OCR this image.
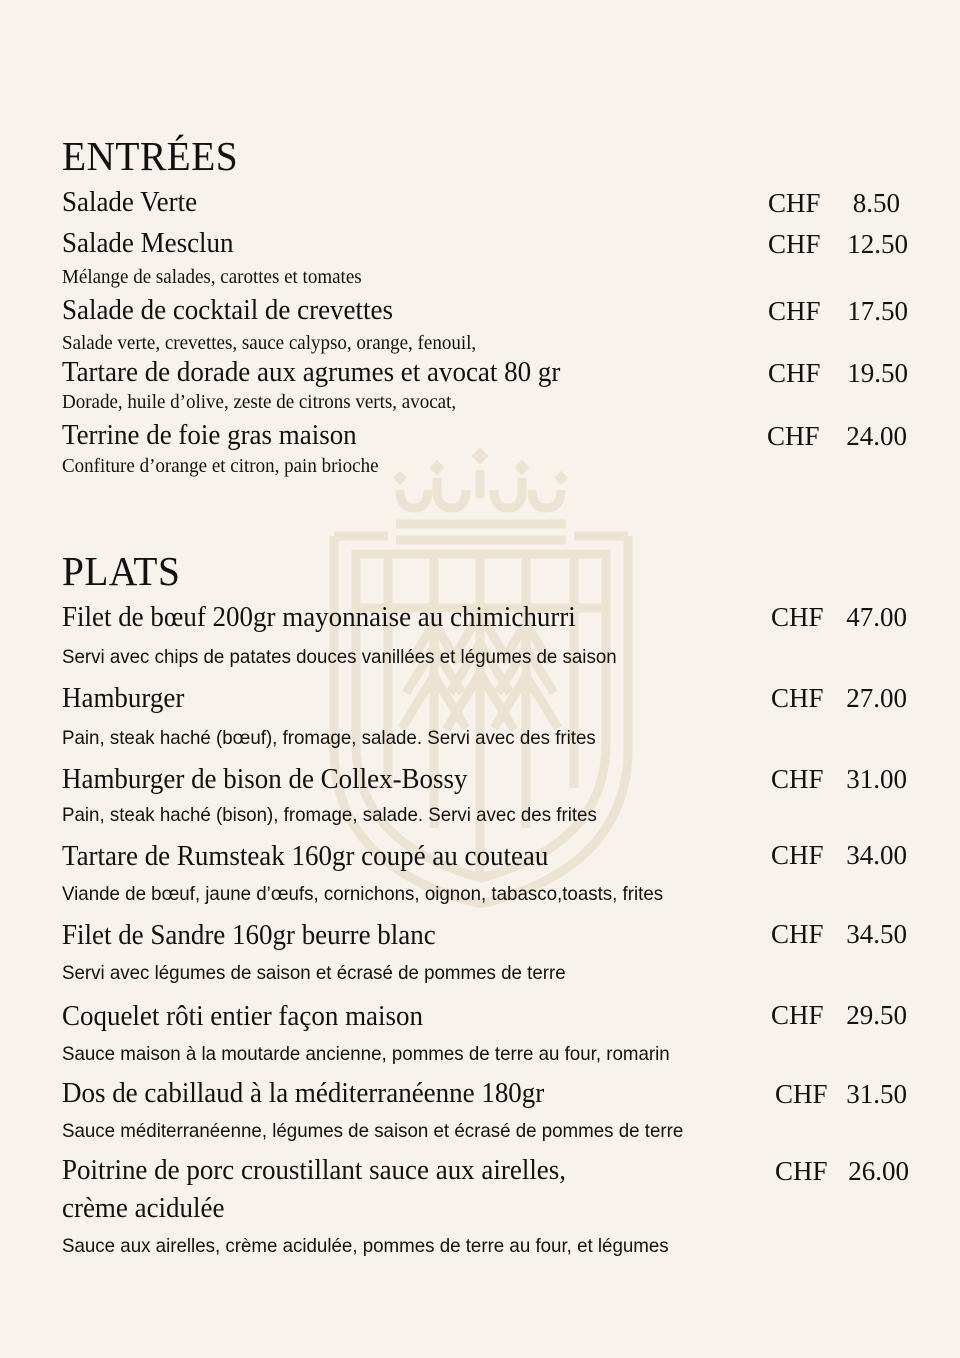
ENTRÉES
Salade Verte	CHF	8.50
Salade Mesclun
Mélange de salades, carottes et tomates
CHF 12.50
Salade de cocktail de crevettes
Salade verte, crevettes, sauce calypso, orange, fenouil,
CHF 17.50
Tartare de dorade aux agrumes et avocat 80 gr
Dorade, huile d’olive, zeste de citrons verts, avocat,
CHF 19.50
Terrine de foie gras maison
Confiture d’orange et citron, pain brioche
CHF 24.00
PLATS
Filet de bœuf 200gr mayonnaise au chimichurri
Servi avec chips de patates douces vanillées et légumes de saison
CHF 47.00
Hamburger
Pain, steak haché (bœuf), fromage, salade. Servi avec des frites
CHF 27.00
Hamburger de bison de Collex-Bossy
Pain, steak haché (bison), fromage, salade. Servi avec des frites
CHF 31.00
Tartare de Rumsteak 160gr coupé au couteau
Viande de bœuf, jaune d’œufs, cornichons, oignon, tabasco,toasts, frites
CHF 34.00
Filet de Sandre 160gr beurre blanc
Servi avec légumes de saison et écrasé de pommes de terre
CHF 34.50
Coquelet rôti entier façon maison
Sauce maison à la moutarde ancienne, pommes de terre au four, romarin
CHF 29.50
Dos de cabillaud à la méditerranéenne 180gr
Sauce méditerranéenne, légumes de saison et écrasé de pommes de terre
CHF 31.50
Poitrine de porc croustillant sauce aux airelles,
crème acidulée
Sauce aux airelles, crème acidulée, pommes de terre au four, et légumes
CHF 26.00
